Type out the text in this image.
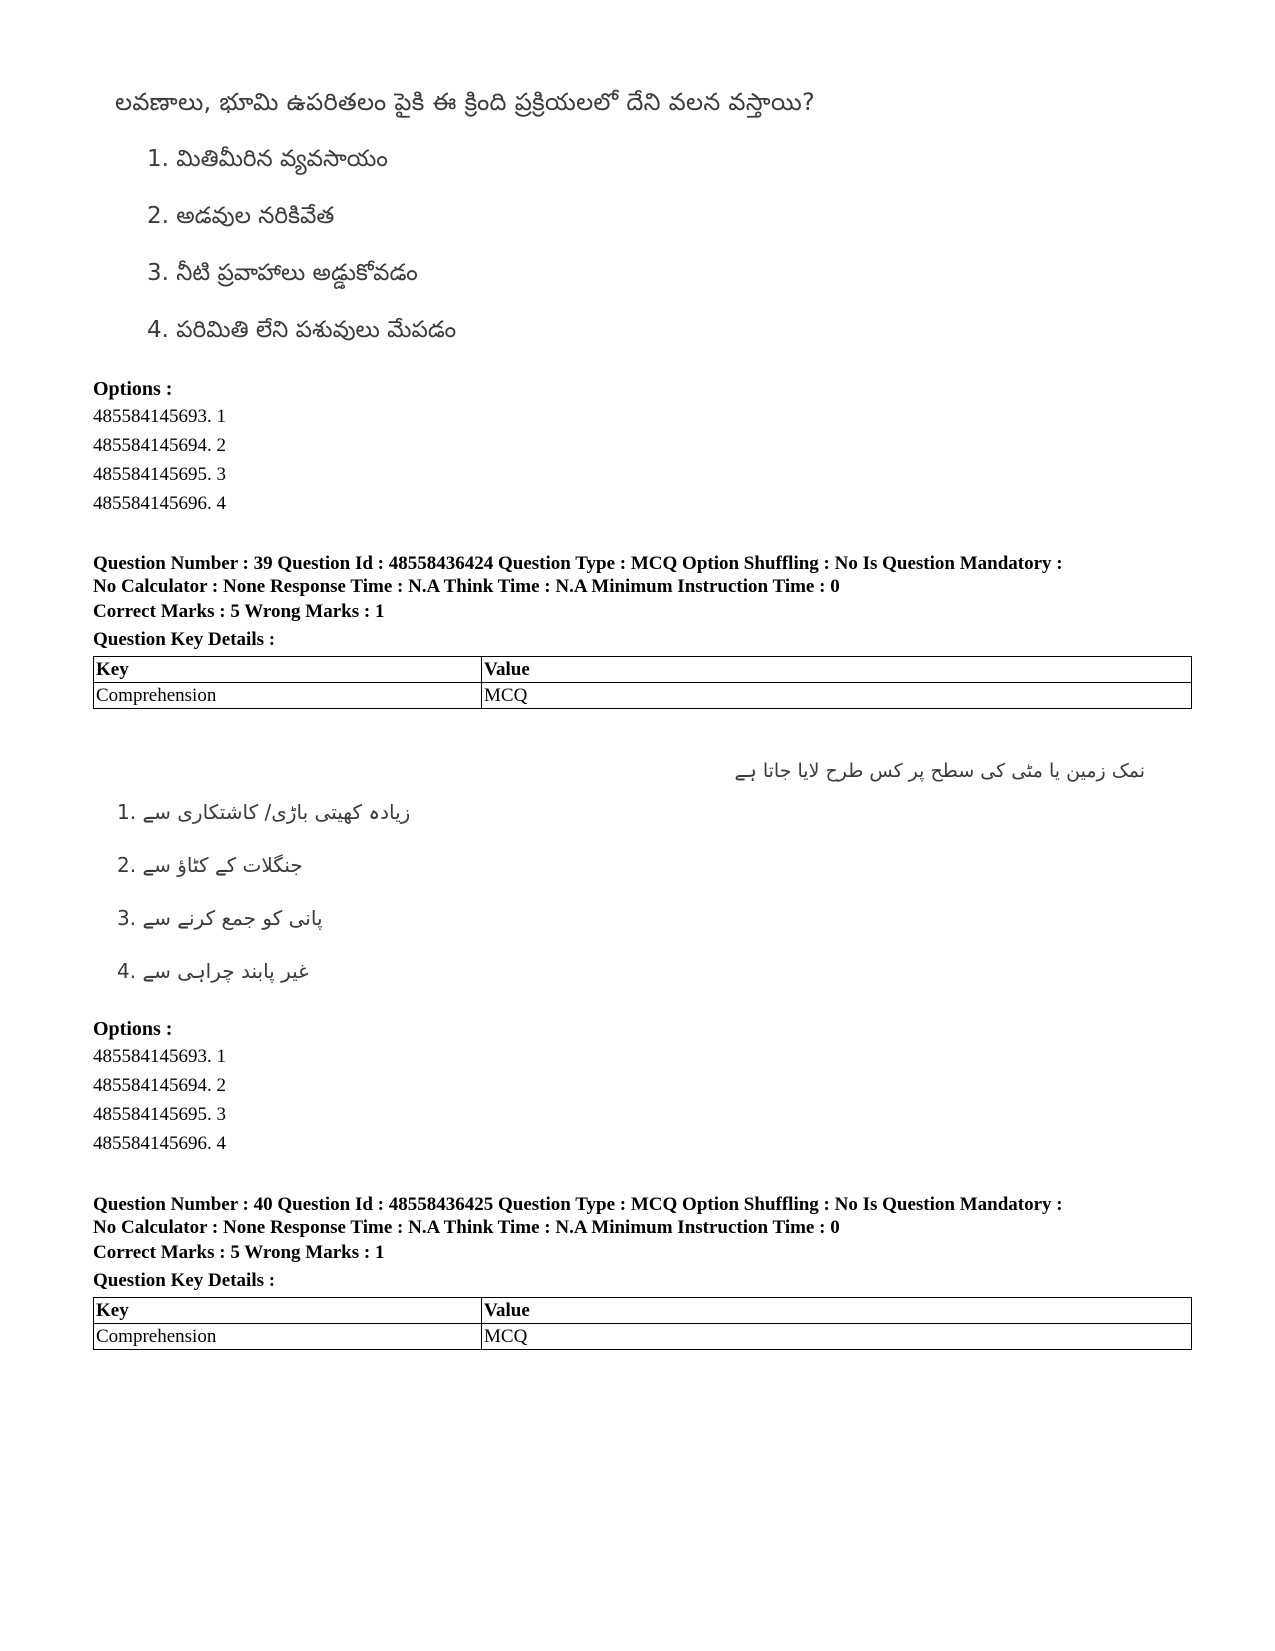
లవణాలు, భూమి ఉపరితలం పైకి ఈ క్రింది ప్రక్రియలలో దేని వలన వస్తాయి?
1. మితిమీరిన వ్యవసాయం
2. అడవుల నరికివేత
3. నీటి ప్రవాహాలు అడ్డుకోవడం
4. పరిమితి లేని పశువులు మేపడం
Options :
485584145693. 1
485584145694. 2
485584145695. 3
485584145696. 4
Question Number : 39 Question Id : 48558436424 Question Type : MCQ Option Shuffling : No Is Question Mandatory :
No Calculator : None Response Time : N.A Think Time : N.A Minimum Instruction Time : 0
Correct Marks : 5 Wrong Marks : 1
Question Key Details :
Key	Value
Comprehension	MCQ
نمک زمین یا مٹی کی سطح پر کس طرح لایا جاتا ہے
زیادہ کھیتی باڑی/ کاشتکاری سے .1
جنگلات کے کٹاؤ سے .2
پانی کو جمع کرنے سے .3
غیر پابند چراہی سے .4
Options :
485584145693. 1
485584145694. 2
485584145695. 3
485584145696. 4
Question Number : 40 Question Id : 48558436425 Question Type : MCQ Option Shuffling : No Is Question Mandatory :
No Calculator : None Response Time : N.A Think Time : N.A Minimum Instruction Time : 0
Correct Marks : 5 Wrong Marks : 1
Question Key Details :
Key	Value
Comprehension	MCQ
